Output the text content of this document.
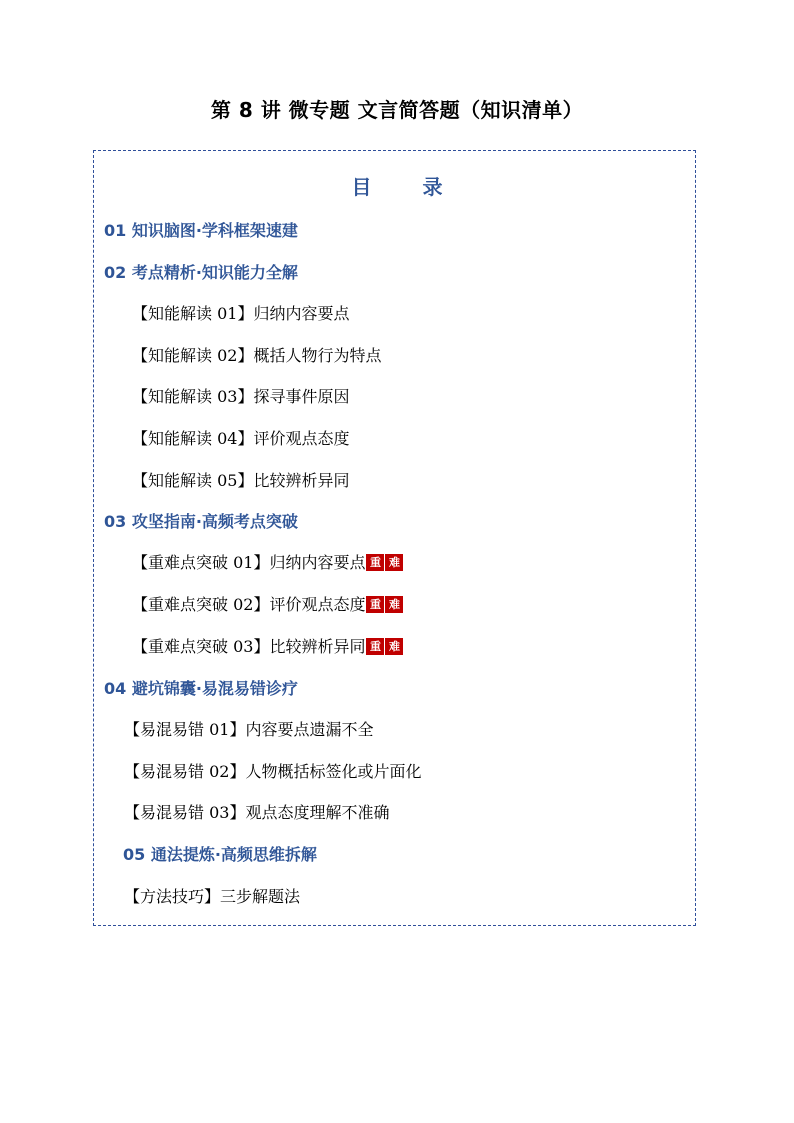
第 8 讲 微专题 文言简答题（知识清单）
目 录
01 知识脑图·学科框架速建
02 考点精析·知识能力全解
【知能解读 01】归纳内容要点
【知能解读 02】概括人物行为特点
【知能解读 03】探寻事件原因
【知能解读 04】评价观点态度
【知能解读 05】比较辨析异同
03 攻坚指南·高频考点突破
【重难点突破 01】归纳内容要点 重 难
【重难点突破 02】评价观点态度 重 难
【重难点突破 03】比较辨析异同 重 难
04 避坑锦囊·易混易错诊疗
【易混易错 01】内容要点遗漏不全
【易混易错 02】人物概括标签化或片面化
【易混易错 03】观点态度理解不准确
05 通法提炼·高频思维拆解
【方法技巧】三步解题法
